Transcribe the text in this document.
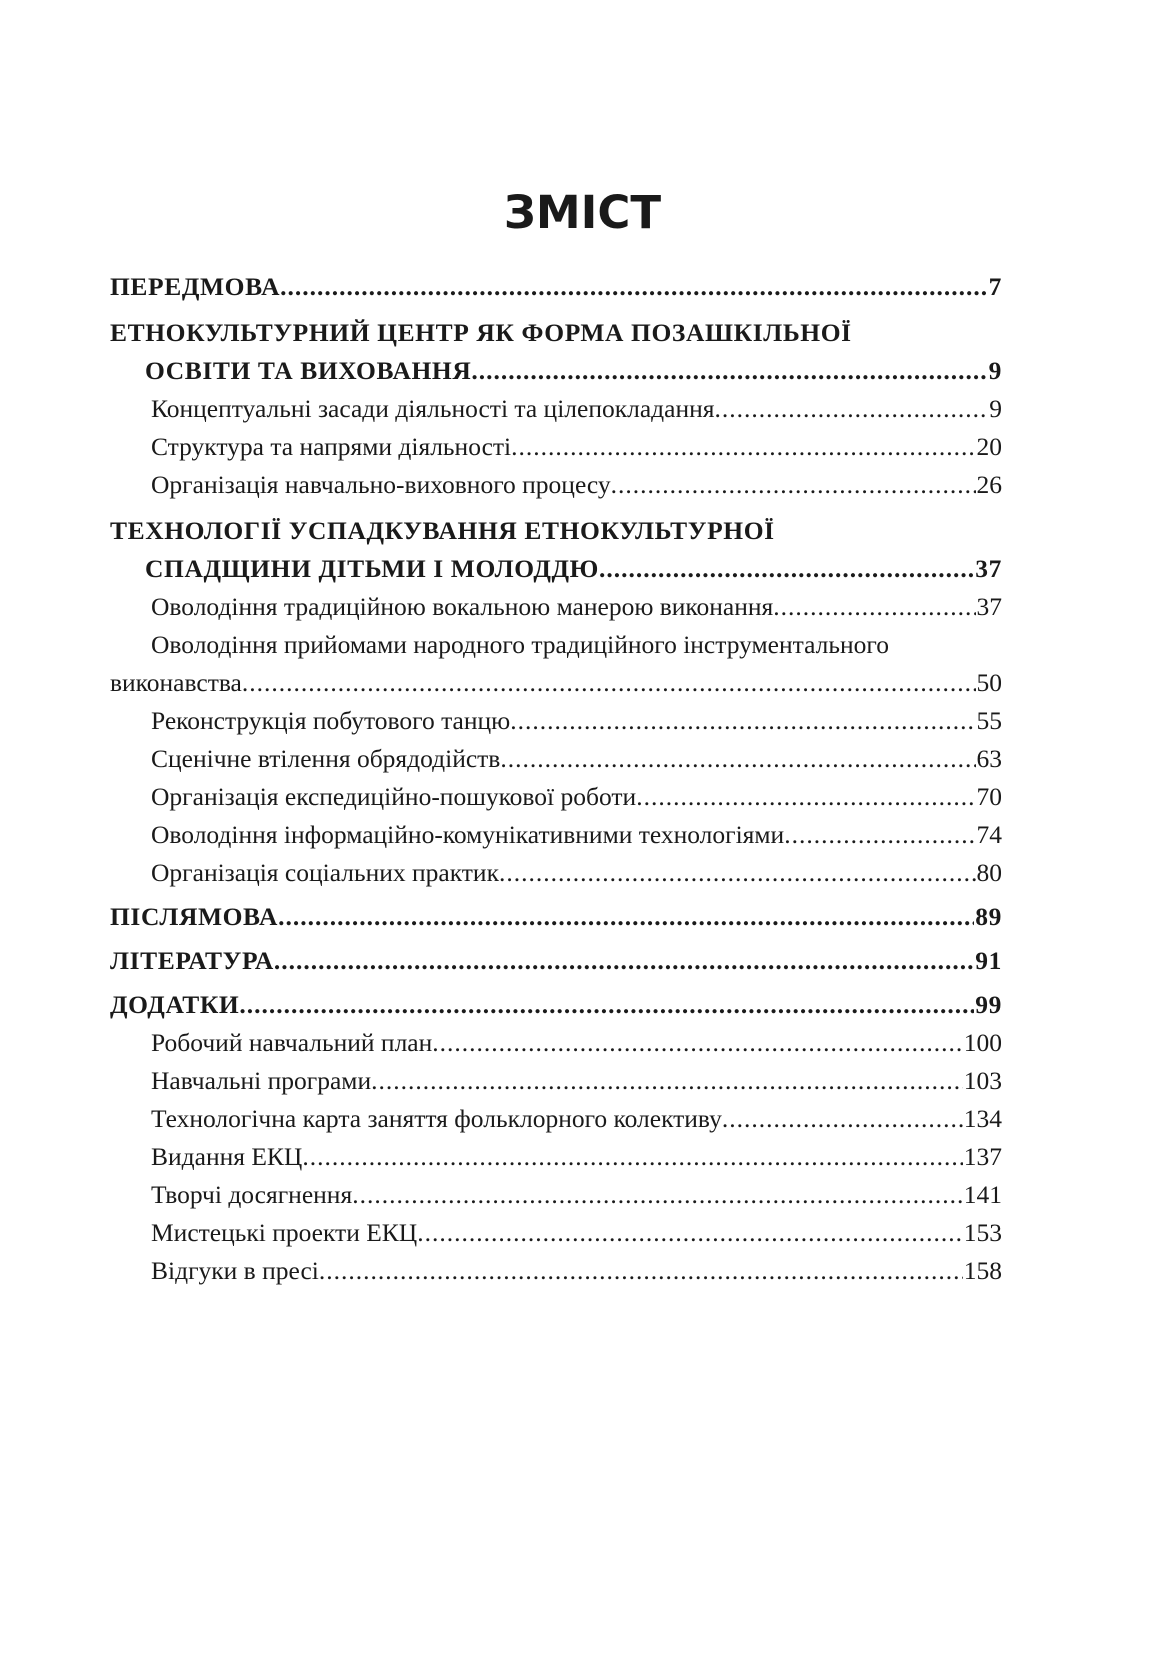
ЗМІСТ
ПЕРЕДМОВА .....	7
ЕТНОКУЛЬТУРНИЙ ЦЕНТР ЯК ФОРМА ПОЗАШКІЛЬНОЇ
ОСВІТИ ТА ВИХОВАННЯ .....	9
Концептуальні засади діяльності та цілепокладання .....	9
Структура та напрями діяльності .....	20
Організація навчально-виховного процесу .....	26
ТЕХНОЛОГІЇ УСПАДКУВАННЯ ЕТНОКУЛЬТУРНОЇ
СПАДЩИНИ ДІТЬМИ І МОЛОДДЮ .....	37
Оволодіння традиційною вокальною манерою виконання .....	37
Оволодіння прийомами народного традиційного інструментального
виконавства .....	50
Реконструкція побутового танцю .....	55
Сценічне втілення обрядодійств .....	63
Організація експедиційно-пошукової роботи .....	70
Оволодіння інформаційно-комунікативними технологіями .....	74
Організація соціальних практик .....	80
ПІСЛЯМОВА .....	89
ЛІТЕРАТУРА .....	91
ДОДАТКИ .....	99
Робочий навчальний план .....	100
Навчальні програми .....	103
Технологічна карта заняття фольклорного колективу .....	134
Видання ЕКЦ .....	137
Творчі досягнення .....	141
Мистецькі проекти ЕКЦ .....	153
Відгуки в пресі .....	158
